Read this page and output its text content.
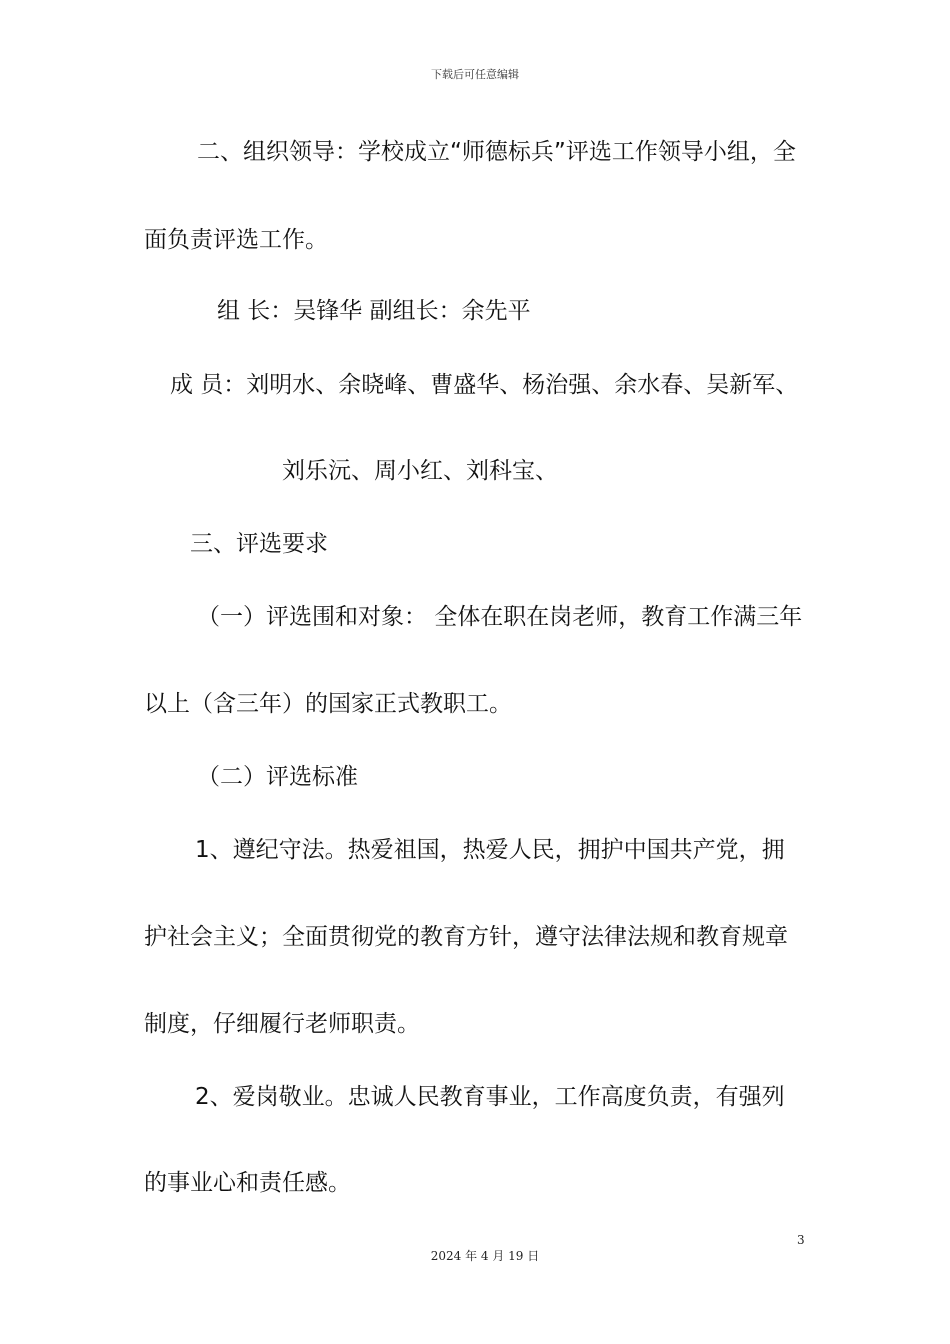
下载后可任意编辑
二、组织领导：学校成立“师德标兵”评选工作领导小组，全
面负责评选工作。
组 长：吴锋华 副组长：余先平
成 员：刘明水、余晓峰、曹盛华、杨治强、余水春、吴新军、
刘乐沅、周小红、刘科宝、
三、评选要求
（一）评选围和对象： 全体在职在岗老师，教育工作满三年
以上（含三年）的国家正式教职工。
（二）评选标准
1、遵纪守法。热爱祖国，热爱人民，拥护中国共产党，拥
护社会主义；全面贯彻党的教育方针，遵守法律法规和教育规章
制度，仔细履行老师职责。
2、爱岗敬业。忠诚人民教育事业，工作高度负责，有强列
的事业心和责任感。
3
2024 年 4 月 19 日
